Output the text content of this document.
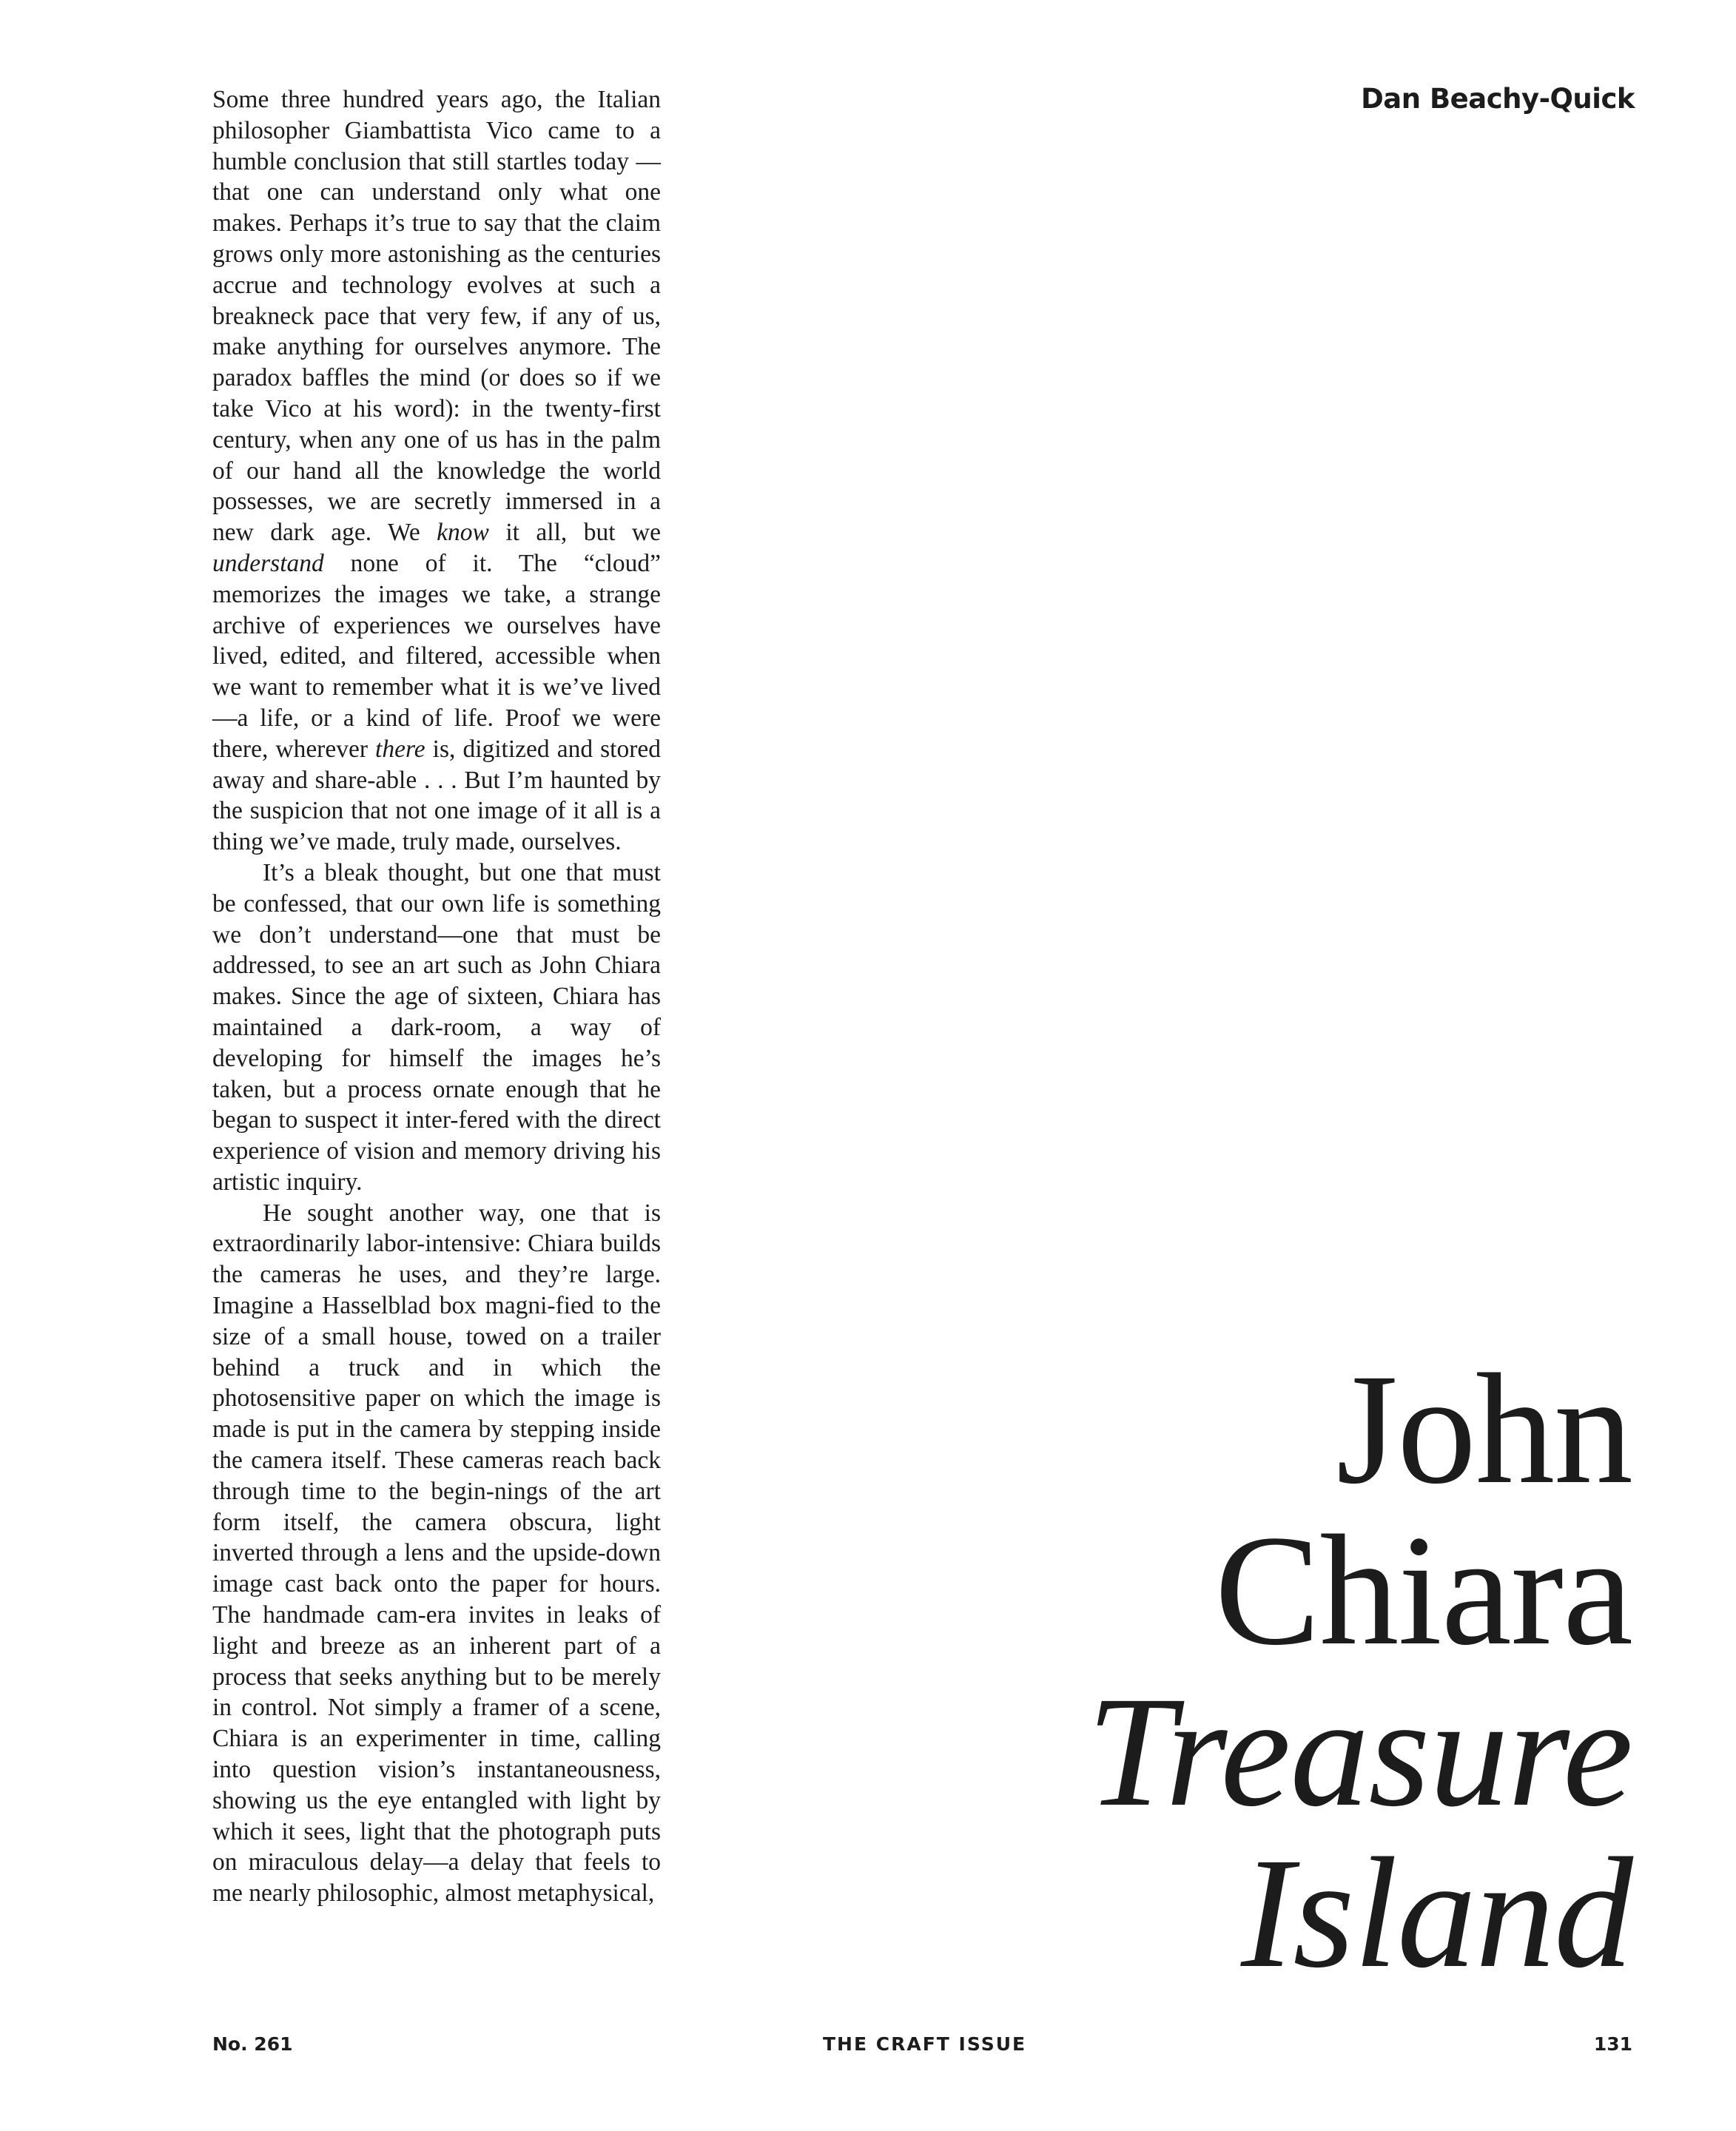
Some three hundred years ago, the Italian philosopher Giambattista Vico came to a humble conclusion that still startles today —that one can understand only what one makes. Perhaps it’s true to say that the claim grows only more astonishing as the centuries accrue and technology evolves at such a breakneck pace that very few, if any of us, make anything for ourselves anymore. The paradox baffles the mind (or does so if we take Vico at his word): in the twenty-first century, when any one of us has in the palm of our hand all the knowledge the world possesses, we are secretly immersed in a new dark age. We know it all, but we understand none of it. The “cloud” memorizes the images we take, a strange archive of experiences we ourselves have lived, edited, and filtered, accessible when we want to remember what it is we’ve lived—a life, or a kind of life. Proof we were there, wherever there is, digitized and stored away and share-able . . . But I’m haunted by the suspicion that not one image of it all is a thing we’ve made, truly made, ourselves.

It’s a bleak thought, but one that must be confessed, that our own life is something we don’t understand—one that must be addressed, to see an art such as John Chiara makes. Since the age of sixteen, Chiara has maintained a dark-room, a way of developing for himself the images he’s taken, but a process ornate enough that he began to suspect it inter-fered with the direct experience of vision and memory driving his artistic inquiry.

He sought another way, one that is extraordinarily labor-intensive: Chiara builds the cameras he uses, and they’re large. Imagine a Hasselblad box magni-fied to the size of a small house, towed on a trailer behind a truck and in which the photosensitive paper on which the image is made is put in the camera by stepping inside the camera itself. These cameras reach back through time to the begin-nings of the art form itself, the camera obscura, light inverted through a lens and the upside-down image cast back onto the paper for hours. The handmade cam-era invites in leaks of light and breeze as an inherent part of a process that seeks anything but to be merely in control. Not simply a framer of a scene, Chiara is an experimenter in time, calling into question vision’s instantaneousness, showing us the eye entangled with light by which it sees, light that the photograph puts on miraculous delay—a delay that feels to me nearly philosophic, almost metaphysical,

Dan Beachy-Quick
John
Chiara
Treasure
Island
No. 261	THE CRAFT ISSUE	131
